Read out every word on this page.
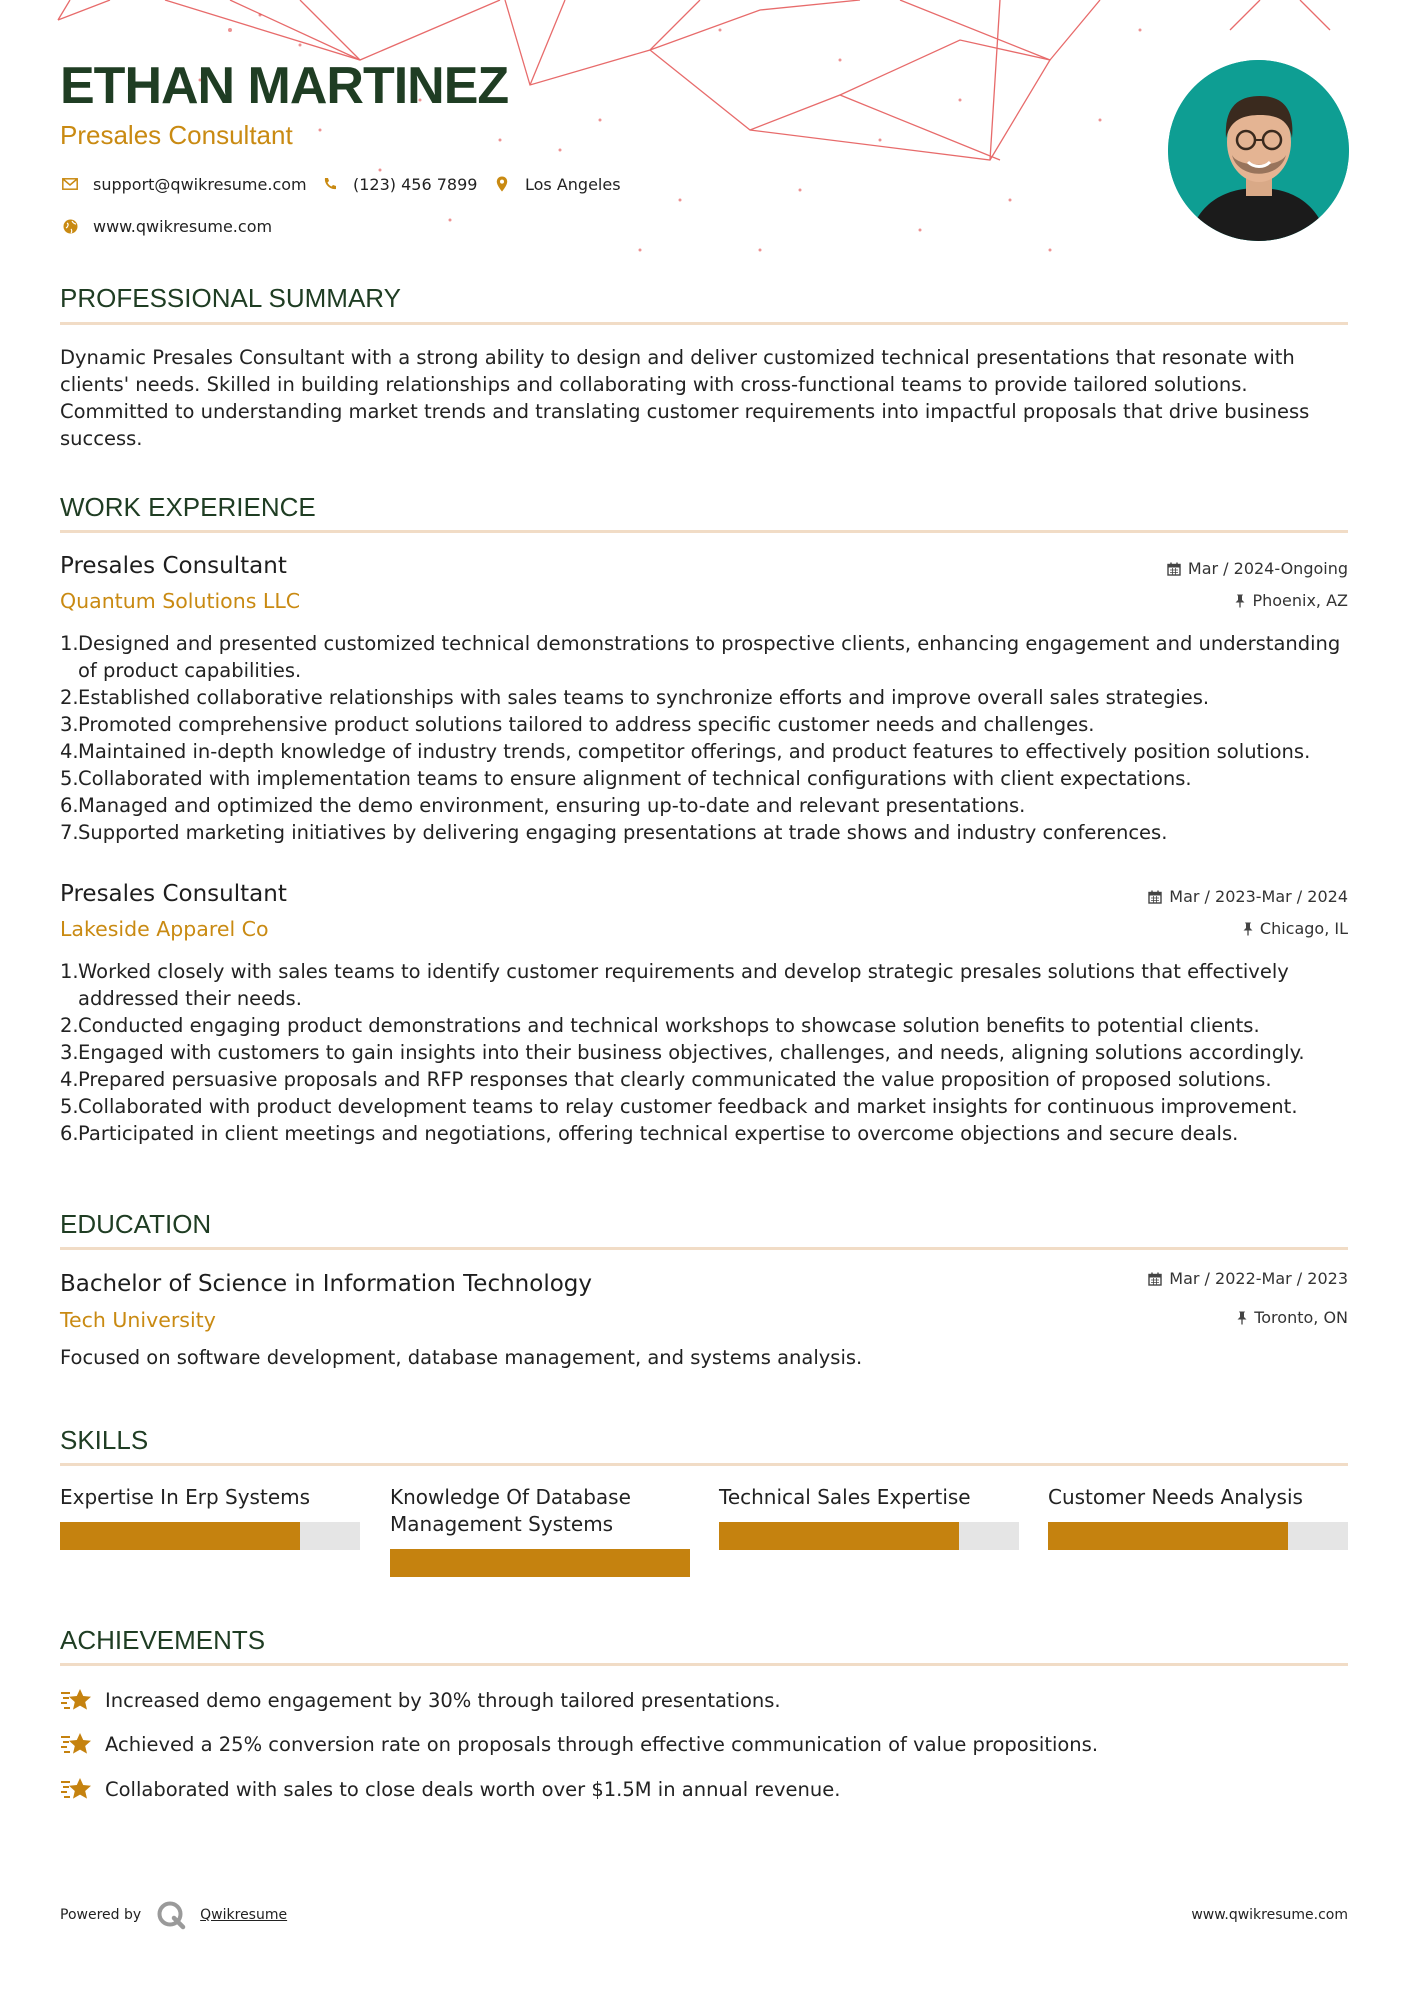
ETHAN MARTINEZ
Presales Consultant
support@qwikresume.com	(123) 456 7899	Los Angeles
www.qwikresume.com
PROFESSIONAL SUMMARY
Dynamic Presales Consultant with a strong ability to design and deliver customized technical presentations that resonate with clients' needs. Skilled in building relationships and collaborating with cross-functional teams to provide tailored solutions. Committed to understanding market trends and translating customer requirements into impactful proposals that drive business success.
WORK EXPERIENCE
Presales Consultant	Mar / 2024-Ongoing
Quantum Solutions LLC	Phoenix, AZ
1. Designed and presented customized technical demonstrations to prospective clients, enhancing engagement and understanding of product capabilities.
2. Established collaborative relationships with sales teams to synchronize efforts and improve overall sales strategies.
3. Promoted comprehensive product solutions tailored to address specific customer needs and challenges.
4. Maintained in-depth knowledge of industry trends, competitor offerings, and product features to effectively position solutions.
5. Collaborated with implementation teams to ensure alignment of technical configurations with client expectations.
6. Managed and optimized the demo environment, ensuring up-to-date and relevant presentations.
7. Supported marketing initiatives by delivering engaging presentations at trade shows and industry conferences.
Presales Consultant	Mar / 2023-Mar / 2024
Lakeside Apparel Co	Chicago, IL
1. Worked closely with sales teams to identify customer requirements and develop strategic presales solutions that effectively addressed their needs.
2. Conducted engaging product demonstrations and technical workshops to showcase solution benefits to potential clients.
3. Engaged with customers to gain insights into their business objectives, challenges, and needs, aligning solutions accordingly.
4. Prepared persuasive proposals and RFP responses that clearly communicated the value proposition of proposed solutions.
5. Collaborated with product development teams to relay customer feedback and market insights for continuous improvement.
6. Participated in client meetings and negotiations, offering technical expertise to overcome objections and secure deals.
EDUCATION
Bachelor of Science in Information Technology	Mar / 2022-Mar / 2023
Tech University	Toronto, ON
Focused on software development, database management, and systems analysis.
SKILLS
Expertise In Erp Systems	Knowledge Of Database Management Systems
Technical Sales Expertise	Customer Needs Analysis
ACHIEVEMENTS
Increased demo engagement by 30% through tailored presentations.
Achieved a 25% conversion rate on proposals through effective communication of value propositions.
Collaborated with sales to close deals worth over $1.5M in annual revenue.
Powered by	Qwikresume	www.qwikresume.com
